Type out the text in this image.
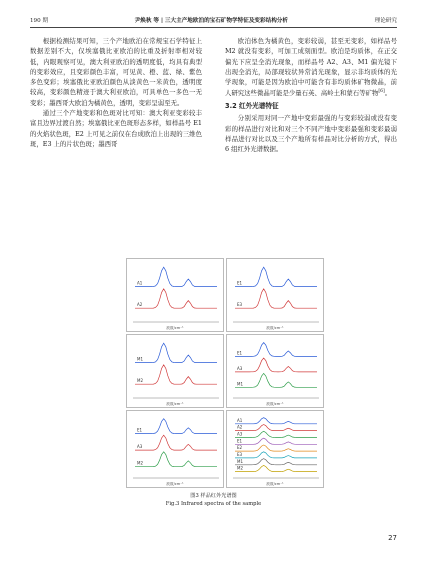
190 期	尹焕秋 等 | 三大主产地欧泊的宝石矿物学特征及变彩结构分析	理论研究

根据检测结果可知，三个产地欧泊在常规宝石学特征上数据差别不大，仅埃塞俄比亚欧泊的比重及折射率相对较低，内眼观察可见，澳大利亚欧泊的透明度低，均具有典型的变彩效应，且变彩颜色丰富，可见黄、橙、蓝、绿、紫色多色变彩；埃塞俄比亚欧泊颜色从淡黄色一米黄色，透明度较高，变彩颜色精迹于澳大利亚欧泊，可具单色一多色一无变彩；墨西哥大欧泊为橘黄色，透明，变彩呈弱至无。

通过三个产地变彩和色斑对比可知：澳大利亚变彩较丰富且边界过渡自然；埃塞俄比亚色斑形态多样，如样品号 E1 的火焰状色斑，E2 上可见之前仅在台成欧泊上出现的三维色斑，E3 上的片状色斑；墨西哥

欧泊体色为橘黄色，变彩较弱，甚至无变彩，如样品号 M2 就没有变彩，可加工成刻面型。欧泊是均质体，在正交偏光下应呈全消光现象，而样品号 A2、A3、M1 偏光镜下出现全消光，局部现较状异常消光现象，显示非均质体的光学现象，可能是因为欧泊中可能含有非均质体矿物微晶，前人研究这些微晶可能是少量石英、高岭土和蒙石等矿物[6]。

3.2 红外光谱特征

分别采用对同一产地中变彩最强的与变彩较弱或没有变彩的样品进行对比和对三个不同产地中变彩最强和变彩最弱样品进行对比以及三个产地所有样品对比分析的方式，得出 6 组红外光谱数据。

A1
A2
波数/cm⁻¹
E1
E3
波数/cm⁻¹
M1
M2
波数/cm⁻¹
E1
A3
M1
波数/cm⁻¹
E1
A3
M2
波数/cm⁻¹
A1
A2
A3
E1
E2
E3
M1
M2
波数/cm⁻¹
图3 样品红外光谱图
Fig.3 Infrared spectra of the sample
27
